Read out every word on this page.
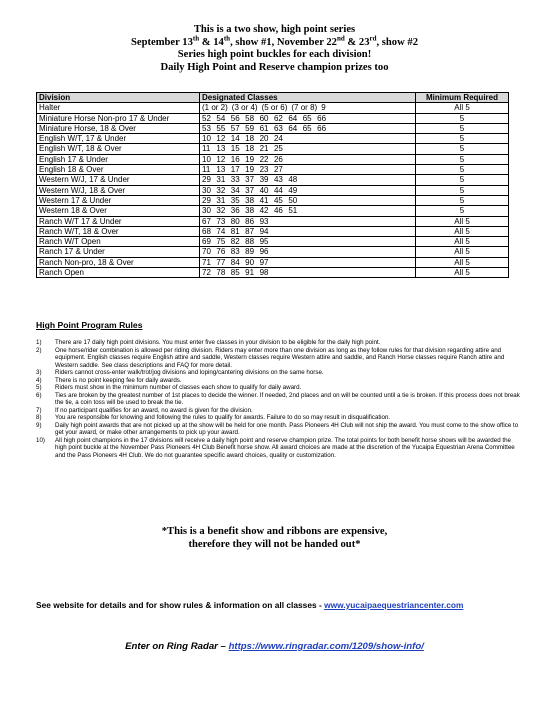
This is a two show, high point series
September 13th & 14th, show #1, November 22nd & 23rd, show #2
Series high point buckles for each division!
Daily High Point and Reserve champion prizes too
Division	Designated Classes	Minimum Required
Halter	(1 or 2) (3 or 4) (5 or 6) (7 or 8) 9	All 5
Miniature Horse Non-pro 17 & Under	52 54 56 58 60 62 64 65 66	5
Miniature Horse, 18 & Over	53 55 57 59 61 63 64 65 66	5
English W/T, 17 & Under	10 12 14 18 20 24	5
English W/T, 18 & Over	11 13 15 18 21 25	5
English 17 & Under	10 12 16 19 22 26	5
English 18 & Over	11 13 17 19 23 27	5
Western W/J, 17 & Under	29 31 33 37 39 43 48	5
Western W/J, 18 & Over	30 32 34 37 40 44 49	5
Western 17 & Under	29 31 35 38 41 45 50	5
Western 18 & Over	30 32 36 38 42 46 51	5
Ranch W/T 17 & Under	67 73 80 86 93	All 5
Ranch W/T, 18 & Over	68 74 81 87 94	All 5
Ranch W/T Open	69 75 82 88 95	All 5
Ranch 17 & Under	70 76 83 89 96	All 5
Ranch Non-pro, 18 & Over	71 77 84 90 97	All 5
Ranch Open	72 78 85 91 98	All 5
High Point Program Rules
1) There are 17 daily high point divisions. You must enter five classes in your division to be eligible for the daily high point.
2) One horse/rider combination is allowed per riding division. Riders may enter more than one division as long as they follow rules for that division regarding attire and equipment. English classes require English attire and saddle, Western classes require Western attire and saddle, and Ranch Horse classes require Ranch attire and Western saddle. See class descriptions and FAQ for more detail.
3) Riders cannot cross-enter walk/trot/jog divisions and loping/cantering divisions on the same horse.
4) There is no point keeping fee for daily awards.
5) Riders must show in the minimum number of classes each show to qualify for daily award.
6) Ties are broken by the greatest number of 1st places to decide the winner. If needed, 2nd places and on will be counted until a tie is broken. If this process does not break the tie, a coin toss will be used to break the tie.
7) If no participant qualifies for an award, no award is given for the division.
8) You are responsible for knowing and following the rules to qualify for awards. Failure to do so may result in disqualification.
9) Daily high point awards that are not picked up at the show will be held for one month. Pass Pioneers 4H Club will not ship the award. You must come to the show office to get your award, or make other arrangements to pick up your award.
10) All high point champions in the 17 divisions will receive a daily high point and reserve champion prize. The total points for both benefit horse shows will be awarded the high point buckle at the November Pass Pioneers 4H Club Benefit horse show. All award choices are made at the discretion of the Yucaipa Equestrian Arena Committee and the Pass Pioneers 4H Club. We do not guarantee specific award choices, quality or customization.
*This is a benefit show and ribbons are expensive,
therefore they will not be handed out*
See website for details and for show rules & information on all classes - www.yucaipaequestriancenter.com
Enter on Ring Radar – https://www.ringradar.com/1209/show-info/
